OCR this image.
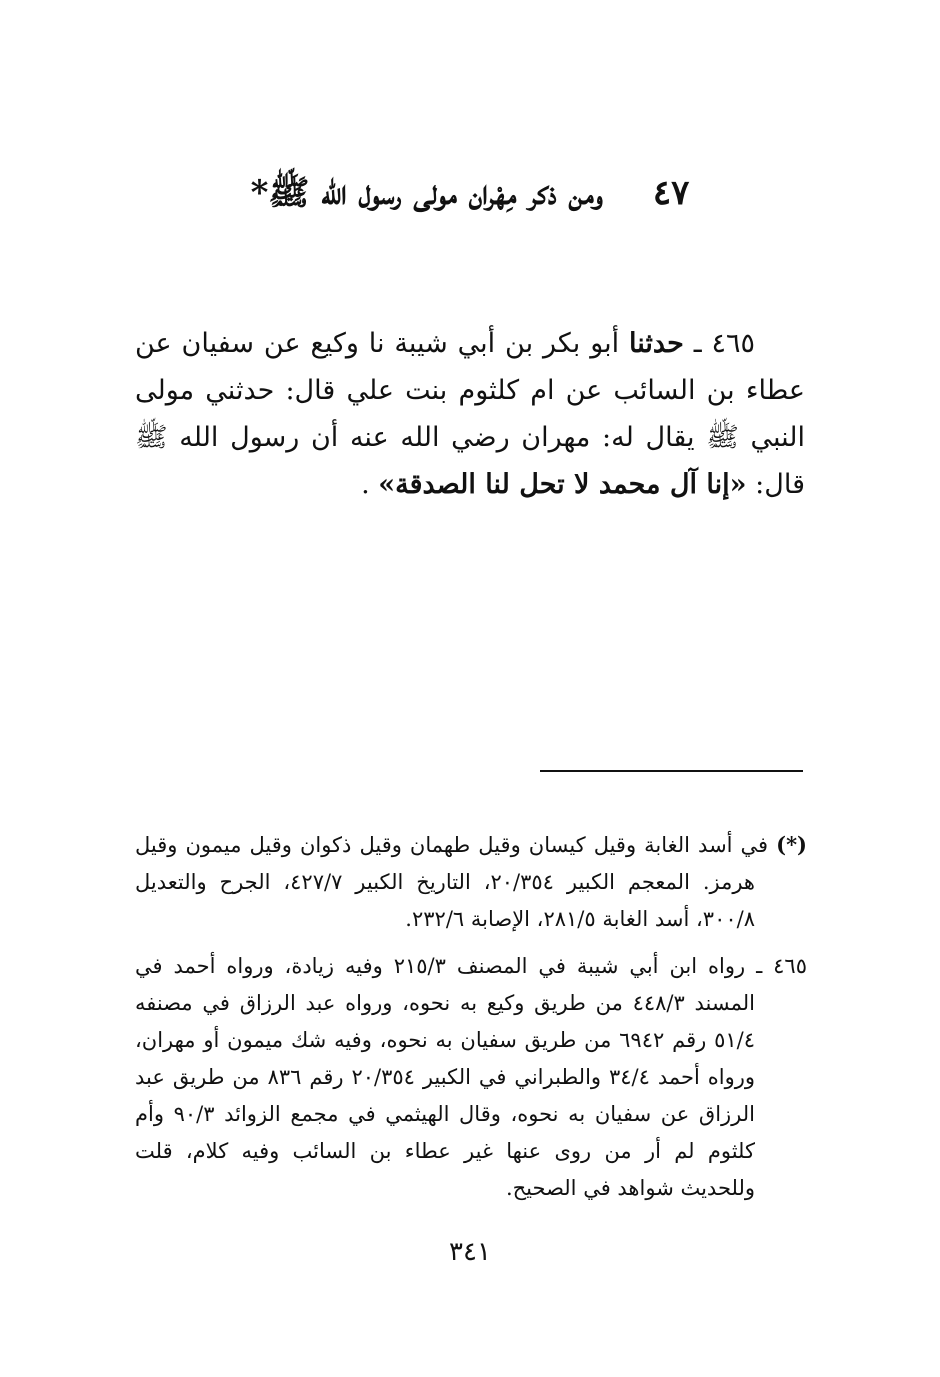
٤٧ ومن ذكر مِهْران مولى رسول الله ﷺ*
٤٦٥ ـ حدثنا أبو بكر بن أبي شيبة نا وكيع عن سفيان عن عطاء بن السائب عن ام كلثوم بنت علي قال: حدثني مولى النبي ﷺ يقال له: مهران رضي الله عنه أن رسول الله ﷺ قال: «إنا آل محمد لا تحل لنا الصدقة» .

(*) في أسد الغابة وقيل كيسان وقيل طهمان وقيل ذكوان وقيل ميمون وقيل هرمز. المعجم الكبير ٢٠/٣٥٤، التاريخ الكبير ٤٢٧/٧، الجرح والتعديل ٣٠٠/٨، أسد الغابة ٢٨١/٥، الإصابة ٢٣٢/٦.

٤٦٥ ـ رواه ابن أبي شيبة في المصنف ٢١٥/٣ وفيه زيادة، ورواه أحمد في المسند ٤٤٨/٣ من طريق وكيع به نحوه، ورواه عبد الرزاق في مصنفه ٥١/٤ رقم ٦٩٤٢ من طريق سفيان به نحوه، وفيه شك ميمون أو مهران، ورواه أحمد ٣٤/٤ والطبراني في الكبير ٢٠/٣٥٤ رقم ٨٣٦ من طريق عبد الرزاق عن سفيان به نحوه، وقال الهيثمي في مجمع الزوائد ٩٠/٣ وأم كلثوم لم أر من روى عنها غير عطاء بن السائب وفيه كلام، قلت وللحديث شواهد في الصحيح.

٣٤١
